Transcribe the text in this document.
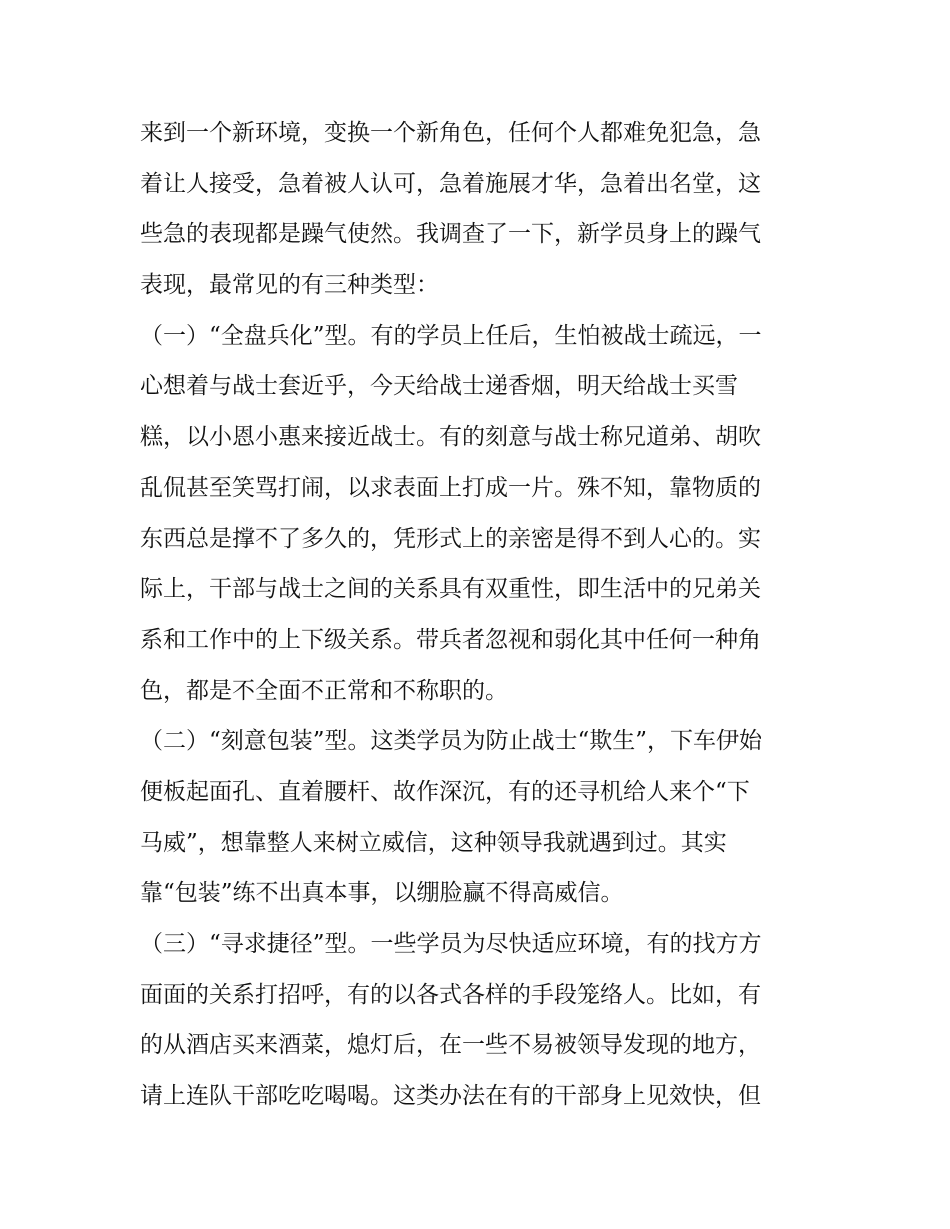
来到一个新环境，变换一个新角色，任何个人都难免犯急，急
着让人接受，急着被人认可，急着施展才华，急着出名堂，这
些急的表现都是躁气使然。我调查了一下，新学员身上的躁气
表现，最常见的有三种类型：
（一）“全盘兵化”型。有的学员上任后，生怕被战士疏远，一
心想着与战士套近乎，今天给战士递香烟，明天给战士买雪
糕，以小恩小惠来接近战士。有的刻意与战士称兄道弟、胡吹
乱侃甚至笑骂打闹，以求表面上打成一片。殊不知，靠物质的
东西总是撑不了多久的，凭形式上的亲密是得不到人心的。实
际上，干部与战士之间的关系具有双重性，即生活中的兄弟关
系和工作中的上下级关系。带兵者忽视和弱化其中任何一种角
色，都是不全面不正常和不称职的。
（二）“刻意包装”型。这类学员为防止战士“欺生”，下车伊始
便板起面孔、直着腰杆、故作深沉，有的还寻机给人来个“下
马威”，想靠整人来树立威信，这种领导我就遇到过。其实
靠“包装”练不出真本事，以绷脸赢不得高威信。
（三）“寻求捷径”型。一些学员为尽快适应环境，有的找方方
面面的关系打招呼，有的以各式各样的手段笼络人。比如，有
的从酒店买来酒菜，熄灯后，在一些不易被领导发现的地方，
请上连队干部吃吃喝喝。这类办法在有的干部身上见效快，但
